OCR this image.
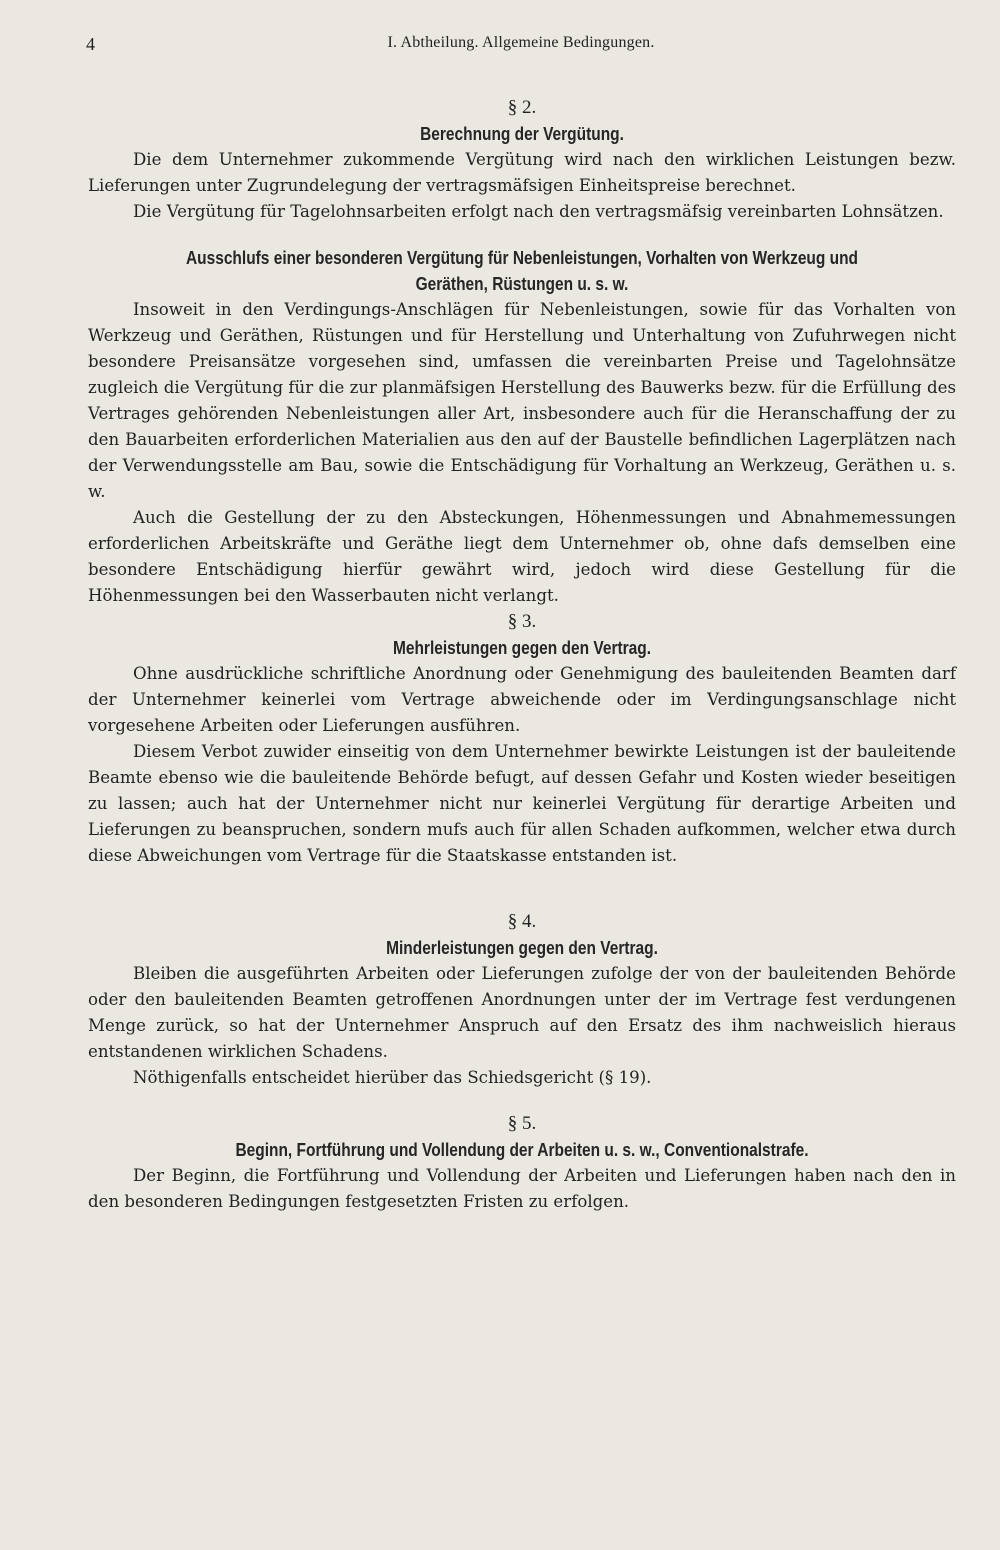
4	I. Abtheilung. Allgemeine Bedingungen.

§ 2.

Berechnung der Vergütung.

Die dem Unternehmer zukommende Vergütung wird nach den wirklichen Leistungen bezw. Lieferungen unter Zugrundelegung der vertragsmäfsigen Einheitspreise berechnet.

Die Vergütung für Tagelohnsarbeiten erfolgt nach den vertragsmäfsig vereinbarten Lohnsätzen.

Ausschlufs einer besonderen Vergütung für Nebenleistungen, Vorhalten von Werkzeug und Geräthen, Rüstungen u. s. w.

Insoweit in den Verdingungs-Anschlägen für Nebenleistungen, sowie für das Vorhalten von Werkzeug und Geräthen, Rüstungen und für Herstellung und Unterhaltung von Zufuhrwegen nicht besondere Preisansätze vorgesehen sind, umfassen die vereinbarten Preise und Tagelohnsätze zugleich die Vergütung für die zur planmäfsigen Herstellung des Bauwerks bezw. für die Erfüllung des Vertrages gehörenden Nebenleistungen aller Art, insbesondere auch für die Heranschaffung der zu den Bauarbeiten erforderlichen Materialien aus den auf der Baustelle befindlichen Lagerplätzen nach der Verwendungsstelle am Bau, sowie die Entschädigung für Vorhaltung an Werkzeug, Geräthen u. s. w.

Auch die Gestellung der zu den Absteckungen, Höhenmessungen und Abnahmemessungen erforderlichen Arbeitskräfte und Geräthe liegt dem Unternehmer ob, ohne dafs demselben eine besondere Entschädigung hierfür gewährt wird, jedoch wird diese Gestellung für die Höhenmessungen bei den Wasserbauten nicht verlangt.

§ 3.

Mehrleistungen gegen den Vertrag.

Ohne ausdrückliche schriftliche Anordnung oder Genehmigung des bauleitenden Beamten darf der Unternehmer keinerlei vom Vertrage abweichende oder im Verdingungsanschlage nicht vorgesehene Arbeiten oder Lieferungen ausführen.

Diesem Verbot zuwider einseitig von dem Unternehmer bewirkte Leistungen ist der bauleitende Beamte ebenso wie die bauleitende Behörde befugt, auf dessen Gefahr und Kosten wieder beseitigen zu lassen; auch hat der Unternehmer nicht nur keinerlei Vergütung für derartige Arbeiten und Lieferungen zu beanspruchen, sondern mufs auch für allen Schaden aufkommen, welcher etwa durch diese Abweichungen vom Vertrage für die Staatskasse entstanden ist.

§ 4.

Minderleistungen gegen den Vertrag.

Bleiben die ausgeführten Arbeiten oder Lieferungen zufolge der von der bauleitenden Behörde oder den bauleitenden Beamten getroffenen Anordnungen unter der im Vertrage fest verdungenen Menge zurück, so hat der Unternehmer Anspruch auf den Ersatz des ihm nachweislich hieraus entstandenen wirklichen Schadens.

Nöthigenfalls entscheidet hierüber das Schiedsgericht (§ 19).

§ 5.

Beginn, Fortführung und Vollendung der Arbeiten u. s. w., Conventionalstrafe.

Der Beginn, die Fortführung und Vollendung der Arbeiten und Lieferungen haben nach den in den besonderen Bedingungen festgesetzten Fristen zu erfolgen.
